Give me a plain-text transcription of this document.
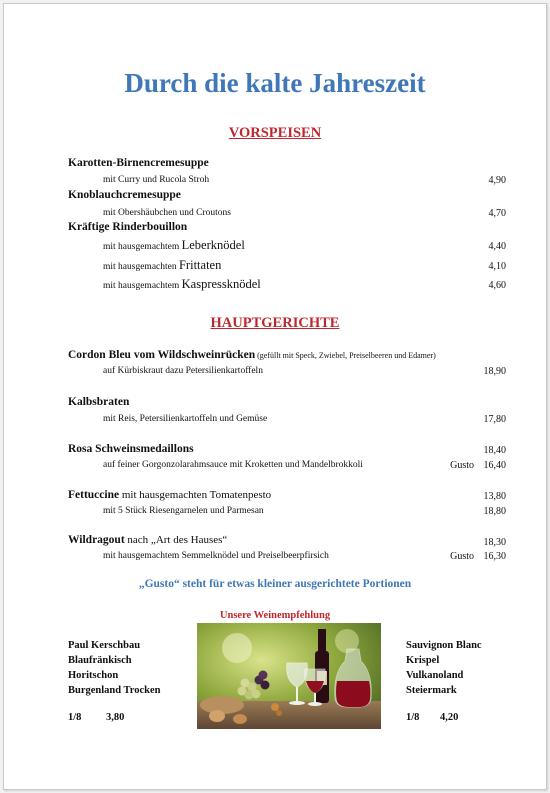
Durch die kalte Jahreszeit
VORSPEISEN
Karotten-Birnencremesuppe
mit Curry und Rucola Stroh	4,90
Knoblauchcremesuppe
mit Obershäubchen und Croutons	4,70
Kräftige Rinderbouillon
mit hausgemachtem Leberknödel	4,40
mit hausgemachten Frittaten	4,10
mit hausgemachtem Kaspressknödel	4,60
HAUPTGERICHTE
Cordon Bleu vom Wildschweinrücken (gefüllt mit Speck, Zwiebel, Preiselbeeren und Edamer)
auf Kürbiskraut dazu Petersilienkartoffeln	18,90
Kalbsbraten
mit Reis, Petersilienkartoffeln und Gemüse	17,80
Rosa Schweinsmedaillons	18,40
auf feiner Gorgonzolarahmsauce mit Kroketten und Mandelbrokkoli	Gusto 16,40
Fettuccine mit hausgemachten Tomatenpesto	13,80
mit 5 Stück Riesengarnelen und Parmesan	18,80
Wildragout nach „Art des Hauses“	18,30
mit hausgemachtem Semmelknödel und Preiselbeerpfirsich	Gusto 16,30
„Gusto“ steht für etwas kleiner ausgerichtete Portionen
Unsere Weinempfehlung
Paul Kerschbau
Blaufränkisch
Horitschon
Burgenland Trocken
1/8 3,80
Sauvignon Blanc
Krispel
Vulkanoland
Steiermark
1/8 4,20
